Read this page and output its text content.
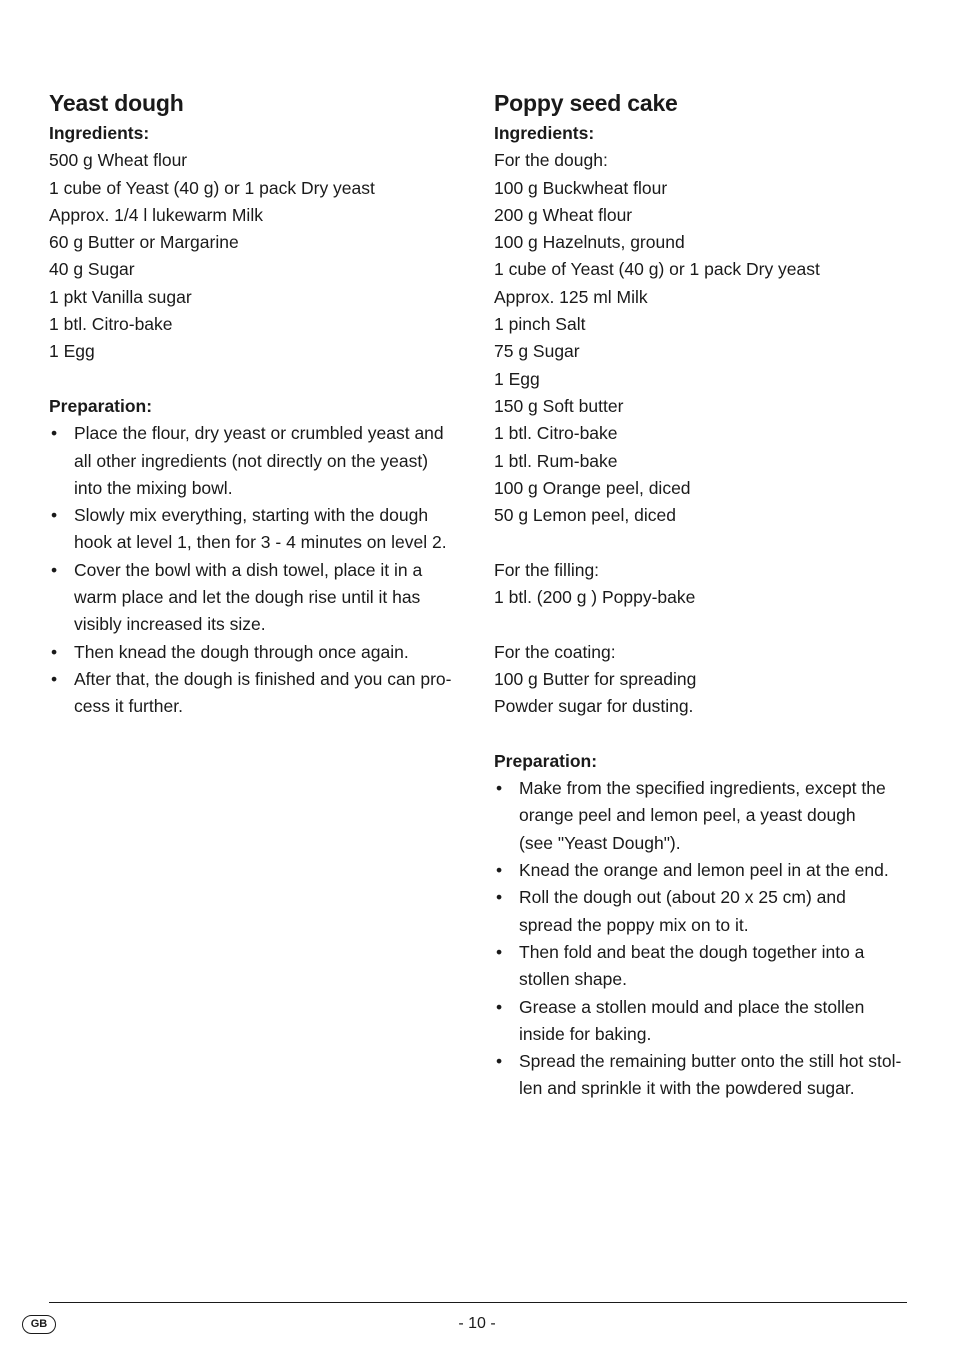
Yeast dough

Ingredients:

500 g Wheat flour

1 cube of Yeast (40 g) or 1 pack Dry yeast

Approx. 1/4 l lukewarm Milk

60 g Butter or Margarine

40 g Sugar

1 pkt Vanilla sugar

1 btl. Citro-bake

1 Egg

Preparation:

• Place the flour, dry yeast or crumbled yeast and
all other ingredients (not directly on the yeast)
into the mixing bowl.
• Slowly mix everything, starting with the dough
hook at level 1, then for 3 - 4 minutes on level 2.
• Cover the bowl with a dish towel, place it in a
warm place and let the dough rise until it has
visibly increased its size.
• Then knead the dough through once again.
• After that, the dough is finished and you can pro-
cess it further.
Poppy seed cake

Ingredients:

For the dough:

100 g Buckwheat flour

200 g Wheat flour

100 g Hazelnuts, ground

1 cube of Yeast (40 g) or 1 pack Dry yeast

Approx. 125 ml Milk

1 pinch Salt

75 g Sugar

1 Egg

150 g Soft butter

1 btl. Citro-bake

1 btl. Rum-bake

100 g Orange peel, diced

50 g Lemon peel, diced

For the filling:

1 btl. (200 g ) Poppy-bake

For the coating:

100 g Butter for spreading

Powder sugar for dusting.

Preparation:

• Make from the specified ingredients, except the
orange peel and lemon peel, a yeast dough
(see "Yeast Dough").
• Knead the orange and lemon peel in at the end.
• Roll the dough out (about 20 x 25 cm) and
spread the poppy mix on to it.
• Then fold and beat the dough together into a
stollen shape.
• Grease a stollen mould and place the stollen
inside for baking.
• Spread the remaining butter onto the still hot stol-
len and sprinkle it with the powdered sugar.
GB	- 10 -
